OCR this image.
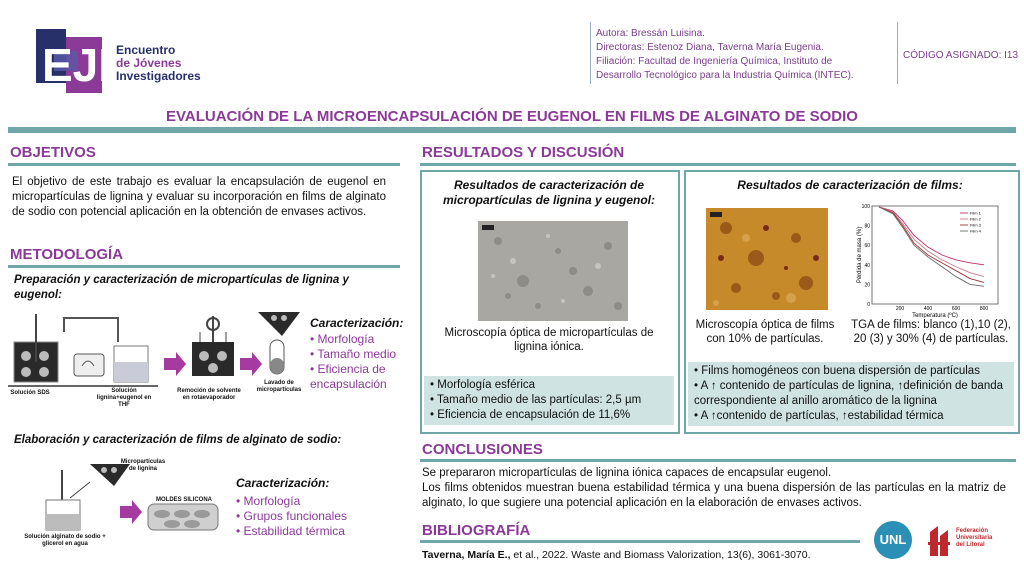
EJI Encuentro
de Jóvenes
Investigadores
Autora: Bressán Luisina.
Directoras: Estenoz Diana, Taverna María Eugenia.
Filiación: Facultad de Ingeniería Química, Instituto de
Desarrollo Tecnológico para la Industria Química (INTEC).
CÓDIGO ASIGNADO: I13
EVALUACIÓN DE LA MICROENCAPSULACIÓN DE EUGENOL EN FILMS DE ALGINATO DE SODIO
OBJETIVOS
El objetivo de este trabajo es evaluar la encapsulación de eugenol en micropartículas de lignina y evaluar su incorporación en films de alginato de sodio con potencial aplicación en la obtención de envases activos.
METODOLOGÍA
Preparación y caracterización de micropartículas de lignina y eugenol:
Solución SDS	Solución lignina+eugenol en THF
Remoción de solvente en rotaevaporador
Lavado de micropartículas
Caracterización:
• Morfología
• Tamaño medio
• Eficiencia de encapsulación
Elaboración y caracterización de films de alginato de sodio:
Micropartículas de lignina
MOLDES SILICONA
Solución alginato de sodio + glicerol en agua
Caracterización:
• Morfología
• Grupos funcionales
• Estabilidad térmica
RESULTADOS Y DISCUSIÓN
Resultados de caracterización de micropartículas de lignina y eugenol:
Microscopía óptica de micropartículas de lignina iónica.
• Morfología esférica
• Tamaño medio de las partículas: 2,5 µm
• Eficiencia de encapsulación de 11,6%
Resultados de caracterización de films:
200	400	600	800
0
20
40
60
80
100
Film 1
Film 2
Film 3
Film 4
Temperatura (ºC)
Pérdida de masa (%)
Microscopía óptica de films con 10% de partículas.
TGA de films: blanco (1),10 (2), 20 (3) y 30% (4) de partículas.
• Films homogéneos con buena dispersión de partículas
• A ↑ contenido de partículas de lignina, ↑definición de banda correspondiente al anillo aromático de la lignina
• A ↑contenido de partículas, ↑estabilidad térmica
CONCLUSIONES
Se prepararon micropartículas de lignina iónica capaces de encapsular eugenol.
Los films obtenidos muestran buena estabilidad térmica y una buena dispersión de las partículas en la matriz de alginato, lo que sugiere una potencial aplicación en la elaboración de envases activos.
BIBLIOGRAFÍA
Taverna, María E., et al., 2022. Waste and Biomass Valorization, 13(6), 3061-3070.
UNL
Federación
Universitaria
del Litoral
